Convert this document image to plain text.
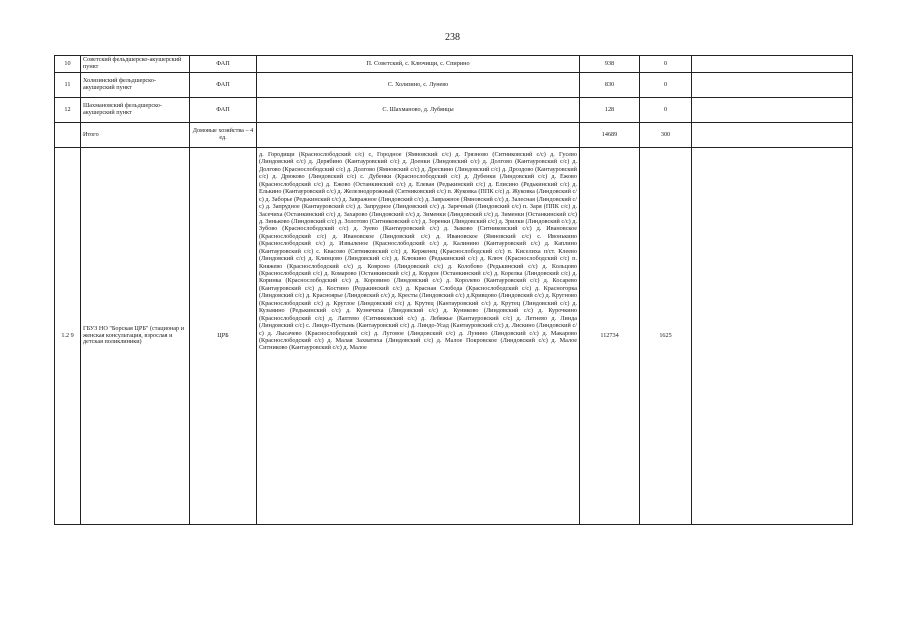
238
10	Советский фельдшерско-акушерский пункт	ФАП	П. Советский, с. Ключищи, с. Спирино	938	0	
11	Холязинский фельдшерско-акушерский пункт	ФАП	С. Холязино, с. Лунево	830	0	
12	Шахмановский фельдшерско-акушерский пункт	ФАП	С. Шахманово, д. Лубянцы	128	0	
	Итого	Домовые хозяйства – 4 ед.		14689	300	
1.2 9	ГБУЗ НО "Борская ЦРБ" (стационар и женская консультация, взрослая и детская поликлиники)	ЦРБ	д. Городищи (Краснослободский с/с) с, Городное (Ямновский с/с) д. Грязново (Ситниковский с/с) д. Гусево (Линдовский с/с) д. Дерябино (Кантауровский с/с) д. Доенки (Линдовский с/с) д. Долгово (Кантауровский с/с) д. Долгово (Краснослободский с/с) д. Долгово (Ямновский с/с) д. Дресвино (Линдовский с/с) д. Дроздово (Кантауровский с/с) д. Дрюково (Линдовский с/с) с. Дубенки (Краснослободский с/с) д. Дубенки (Линдовский с/с) д. Ежово (Краснослободский с/с) д. Ежово (Останкинский с/с) д. Елевая (Редькинский с/с) д. Елисино (Редькинский с/с) д. Елькино (Кантауровский с/с) д. Железнодорожный (Ситниковский с/с) п. Жуковка (ППК с/с) д. Жуковка (Линдовский с/с) д. Заборье (Редькинский с/с) д. Завражное (Линдовский с/с) д. Завражное (Ямновский с/с) д. Залесная (Линдовский с/с) д. Запрудное (Кантауровский с/с) д. Запрудное (Линдовский с/с) д. Заречный (Линдовский с/с) п. Заря (ППК с/с) д. Засечиха (Останкинский с/с) д. Захарово (Линдовский с/с) д. Зименки (Линдовский с/с) д. Зименки (Останкинский с/с) д. Зиньково (Линдовский с/с) д. Золотово (Ситниковский с/с) д. Зоренки (Линдовский с/с) д. Зрилки (Линдовский с/с) д. Зубово (Краснослободский с/с) д. Зуево (Кантауровский с/с) д. Зыково (Ситниковский с/с) д. Ивановское (Краснослободский с/с) д. Ивановское (Линдовский с/с) д. Ивановское (Ямновский с/с) с. Ивонькино (Краснослободский с/с) д. Извыленое (Краснослободский с/с) д. Калинино (Кантауровский с/с) д. Каплино (Кантауровский с/с) с. Квасово (Ситниковский с/с) д. Керженец (Краснослободский с/с) п. Киселиха п/ст. Клеево (Линдовский с/с) д. Клинцово (Линдовский с/с) д. Клюкино (Редькинский с/с) д. Ключ (Краснослободский с/с) п. Княжево (Краснослободский с/с) д. Ковроно (Линдовский с/с) д. Колобово (Редькинский с/с) д. Кольцово (Краснослободский с/с) д. Комарово (Останкинский с/с) д. Кордон (Останкинский с/с) д. Корелка (Линдовский с/с) д. Коринка (Краснослободский с/с) д. Коровино (Линдовский с/с) д. Королево (Кантауровский с/с) д. Косарево (Кантауровский с/с) д. Костино (Редькинский с/с) д. Красная Слобода (Краснослободский с/с) д. Красногорка (Линдовский с/с) д. Красноярье (Линдовский с/с) д. Кресты (Линдовский с/с) д.Кривцово (Линдовский с/с) д. Кругново (Краснослободский с/с) д. Круглое (Линдовский с/с) д. Крутец (Кантауровский с/с) д. Крутец (Линдовский с/с) д. Кузьмино (Редькинский с/с) д. Кузнечиха (Линдовский с/с) д. Куниково (Линдовский с/с) д. Курочкино (Краснослободский с/с) д. Лаптево (Ситниковский с/с) д. Лебяжье (Кантауровский с/с) д. Летнево д. Линда (Линдовский с/с) с. Линдо-Пустынь (Кантауровский с/с) д. Линдо-Усад (Кантауровский с/с) д. Лискино (Линдовский с/с) д. Лысачево (Краснослободский с/с) д. Луговое (Линдовский с/с) д. Лунино (Линдовский с/с) д. Макарово (Краснослободский с/с) д. Малая Захватиха (Линдовский с/с) д. Малое Покровское (Линдовский с/с) д. Малое Ситниково (Кантауровский с/с) д. Малое	112734	1625	
